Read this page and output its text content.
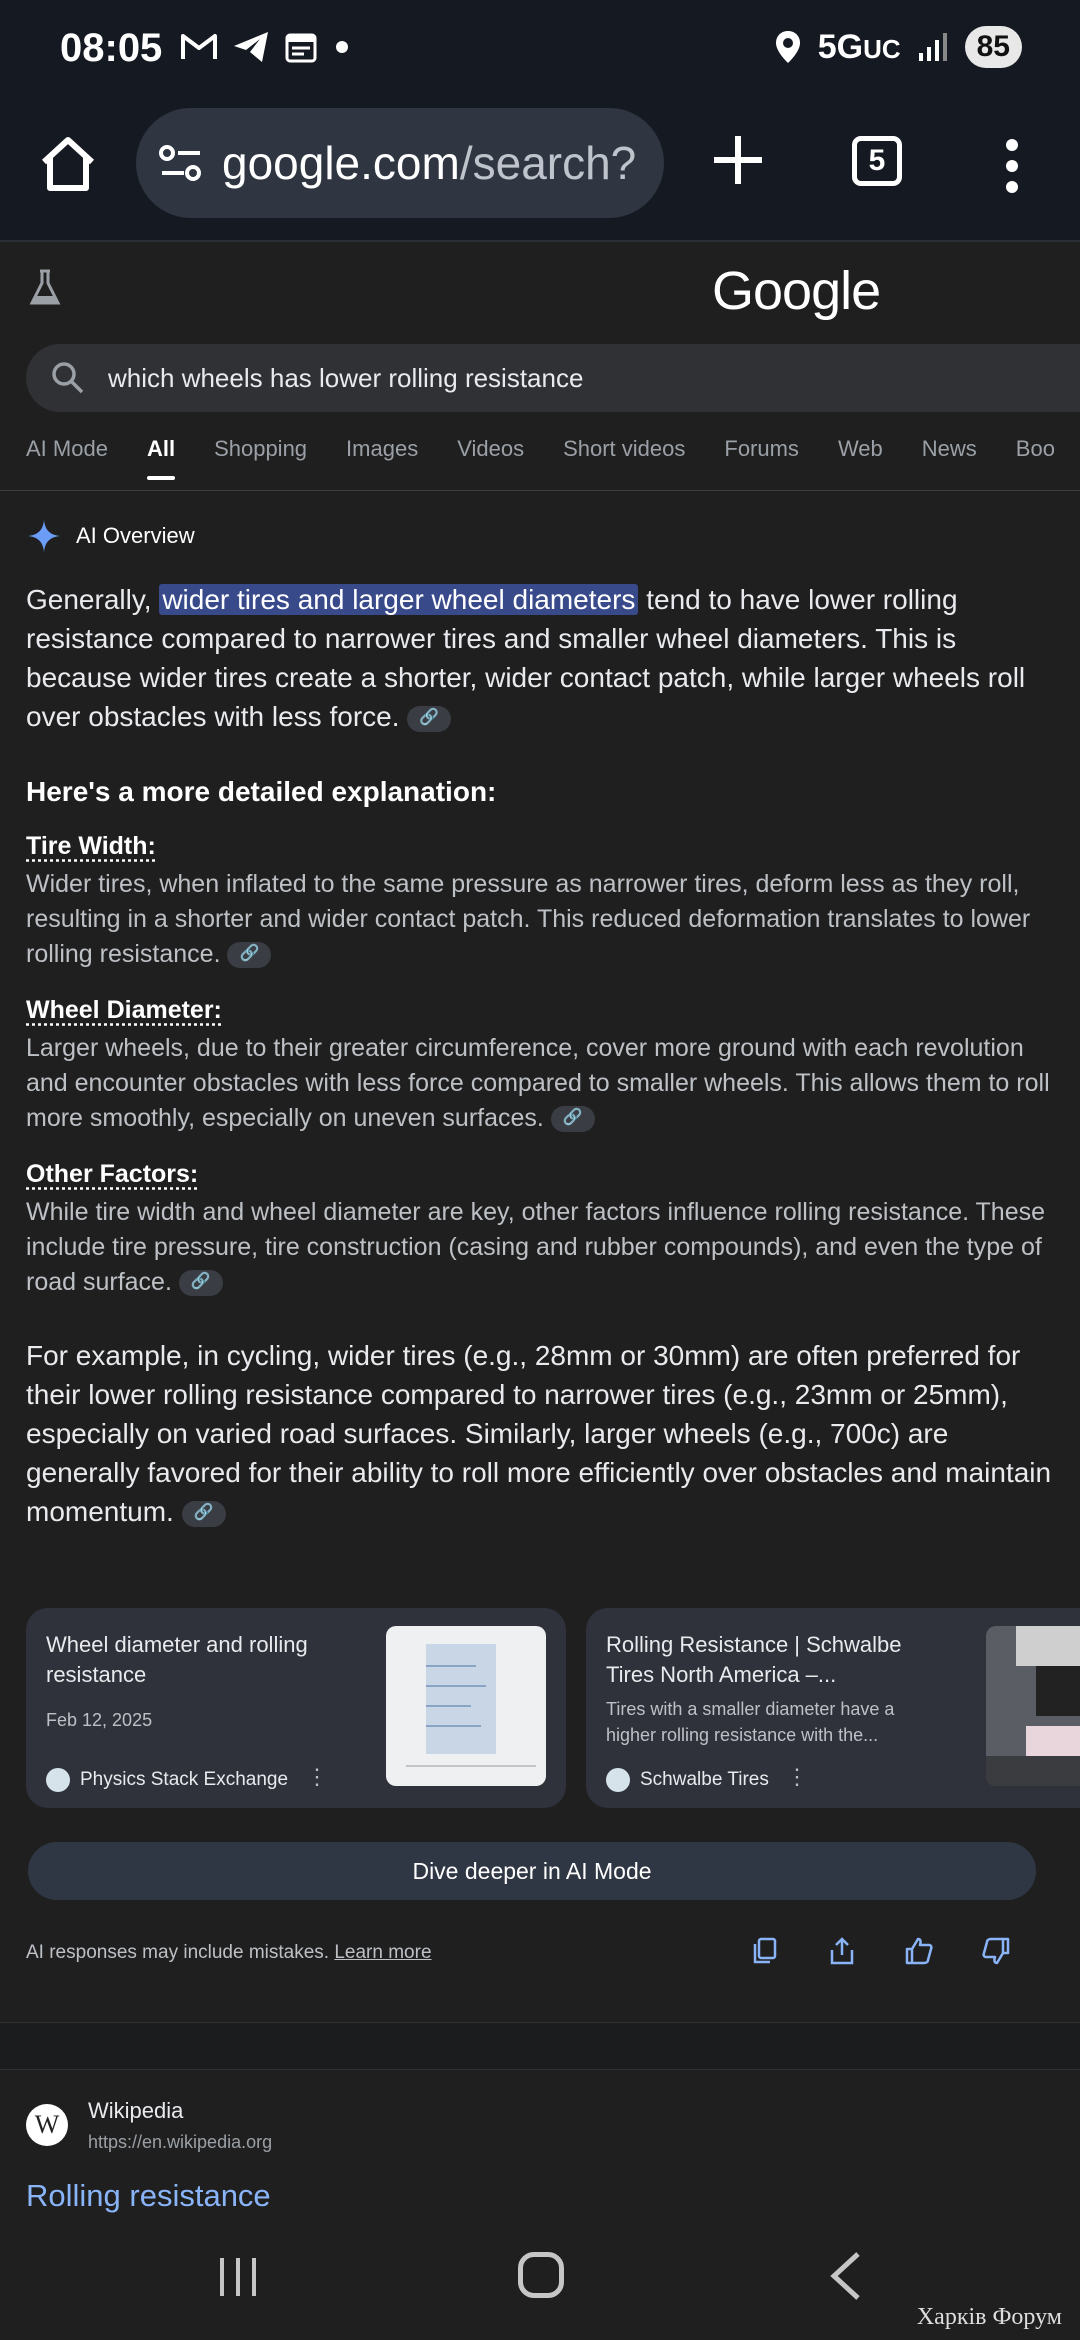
08:05	5GUC	85
google.com/search?	5
Google
which wheels has lower rolling resistance
AI Mode All Shopping Images Videos Short videos Forums Web News Boo
AI Overview

Generally, wider tires and larger wheel diameters tend to have lower rolling resistance compared to narrower tires and smaller wheel diameters. This is because wider tires create a shorter, wider contact patch, while larger wheels roll over obstacles with less force. 🔗

Here's a more detailed explanation:
Tire Width:

Wider tires, when inflated to the same pressure as narrower tires, deform less as they roll, resulting in a shorter and wider contact patch. This reduced deformation translates to lower rolling resistance. 🔗

Wheel Diameter:

Larger wheels, due to their greater circumference, cover more ground with each revolution and encounter obstacles with less force compared to smaller wheels. This allows them to roll more smoothly, especially on uneven surfaces. 🔗

Other Factors:

While tire width and wheel diameter are key, other factors influence rolling resistance. These include tire pressure, tire construction (casing and rubber compounds), and even the type of road surface. 🔗

For example, in cycling, wider tires (e.g., 28mm or 30mm) are often preferred for their lower rolling resistance compared to narrower tires (e.g., 23mm or 25mm), especially on varied road surfaces. Similarly, larger wheels (e.g., 700c) are generally favored for their ability to roll more efficiently over obstacles and maintain momentum. 🔗

Wheel diameter and rolling resistance
Feb 12, 2025
Physics Stack Exchange ⋮
Rolling Resistance | Schwalbe Tires North America –...
Tires with a smaller diameter have a higher rolling resistance with the...
Schwalbe Tires ⋮
Dive deeper in AI Mode
AI responses may include mistakes. Learn more
W	Wikipedia
https://en.wikipedia.org
Rolling resistance
Харків Форум
